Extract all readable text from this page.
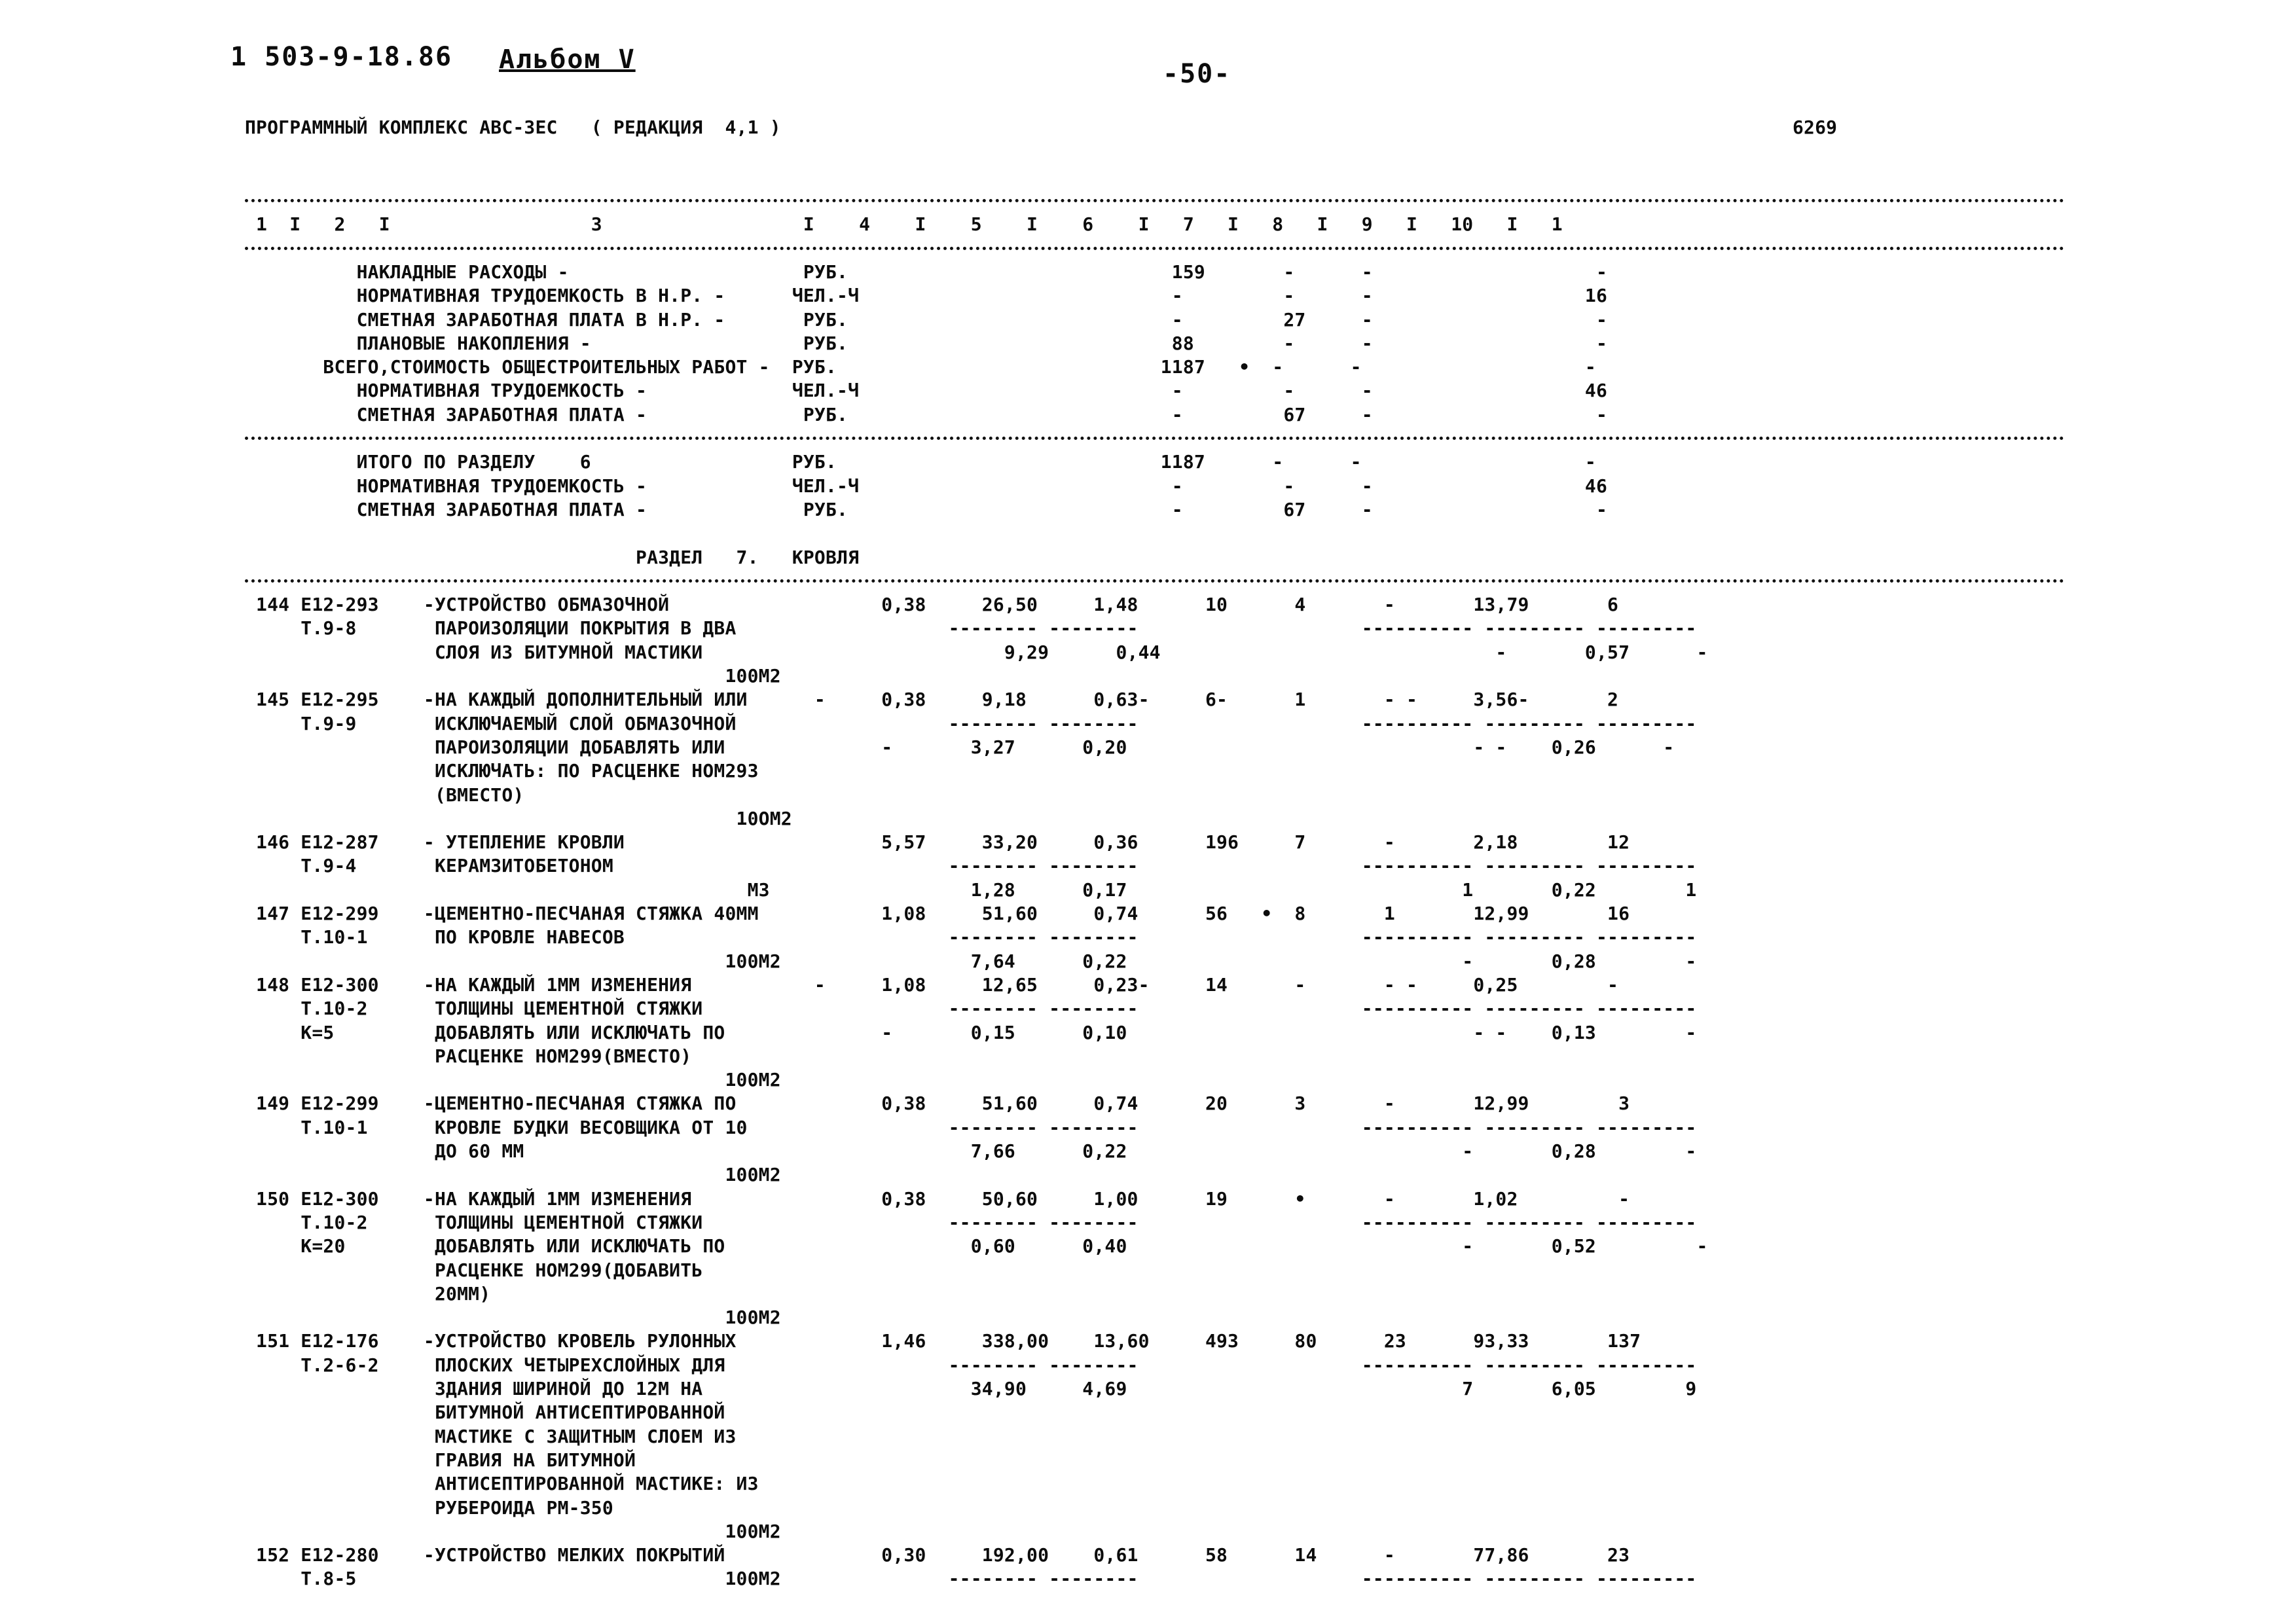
1 503-9-18.86 Альбом V	-50-
ПРОГРАММНЫЙ КОМПЛЕКС АВС-3ЕС   ( РЕДАКЦИЯ  4,1 )	6269
1  I   2   I                  3                  I    4    I    5    I    6    I   7   I   8   I   9   I   10   I   1
НАКЛАДНЫЕ РАСХОДЫ -                     РУБ.                             159       -      -                    -
НОРМАТИВНАЯ ТРУДОЕМКОСТЬ В Н.Р. -      ЧЕЛ.-Ч                            -         -      -                   16
СМЕТНАЯ ЗАРАБОТНАЯ ПЛАТА В Н.Р. -       РУБ.                             -         27     -                    -
ПЛАНОВЫЕ НАКОПЛЕНИЯ -                   РУБ.                             88        -      -                    -
ВСЕГО,СТОИМОСТЬ ОБЩЕСТРОИТЕЛЬНЫХ РАБОТ -  РУБ.                             1187   •  -      -                    -
НОРМАТИВНАЯ ТРУДОЕМКОСТЬ -             ЧЕЛ.-Ч                            -         -      -                   46
СМЕТНАЯ ЗАРАБОТНАЯ ПЛАТА -              РУБ.                             -         67     -                    -
ИТОГО ПО РАЗДЕЛУ    6                  РУБ.                             1187      -      -                    -
НОРМАТИВНАЯ ТРУДОЕМКОСТЬ -             ЧЕЛ.-Ч                            -         -      -                   46
СМЕТНАЯ ЗАРАБОТНАЯ ПЛАТА -              РУБ.                             -         67     -                    -
РАЗДЕЛ   7.   КРОВЛЯ
144 Е12-293    -УСТРОЙСТВО ОБМАЗОЧНОЙ                   0,38     26,50     1,48      10      4       -       13,79       6
Т.9-8       ПАРОИЗОЛЯЦИИ ПОКРЫТИЯ В ДВА                   -------- --------                    ---------- --------- ---------
СЛОЯ ИЗ БИТУМНОЙ МАСТИКИ                           9,29      0,44                              -       0,57      -
100М2
145 Е12-295    -НА КАЖДЫЙ ДОПОЛНИТЕЛЬНЫЙ ИЛИ      -     0,38     9,18      0,63-     6-      1       - -     3,56-       2
Т.9-9       ИСКЛЮЧАЕМЫЙ СЛОЙ ОБМАЗОЧНОЙ                   -------- --------                    ---------- --------- ---------
ПАРОИЗОЛЯЦИИ ДОБАВЛЯТЬ ИЛИ              -       3,27      0,20                               - -    0,26      -
ИСКЛЮЧАТЬ: ПО РАСЦЕНКЕ НОМ293
(ВМЕСТО)
10ОМ2
146 Е12-287    - УТЕПЛЕНИЕ КРОВЛИ                       5,57     33,20     0,36      196     7       -       2,18        12
Т.9-4       КЕРАМЗИТОБЕТОНОМ                              -------- --------                    ---------- --------- ---------
М3                  1,28      0,17                              1       0,22        1
147 Е12-299    -ЦЕМЕНТНО-ПЕСЧАНАЯ СТЯЖКА 40ММ           1,08     51,60     0,74      56   •  8       1       12,99       16
Т.10-1      ПО КРОВЛЕ НАВЕСОВ                             -------- --------                    ---------- --------- ---------
100М2                 7,64      0,22                              -       0,28        -
148 Е12-300    -НА КАЖДЫЙ 1ММ ИЗМЕНЕНИЯ           -     1,08     12,65     0,23-     14      -       - -     0,25        -
Т.10-2      ТОЛЩИНЫ ЦЕМЕНТНОЙ СТЯЖКИ                      -------- --------                    ---------- --------- ---------
К=5         ДОБАВЛЯТЬ ИЛИ ИСКЛЮЧАТЬ ПО              -       0,15      0,10                               - -    0,13        -
РАСЦЕНКЕ НОМ299(ВМЕСТО)
100М2
149 Е12-299    -ЦЕМЕНТНО-ПЕСЧАНАЯ СТЯЖКА ПО             0,38     51,60     0,74      20      3       -       12,99        3
Т.10-1      КРОВЛЕ БУДКИ ВЕСОВЩИКА ОТ 10                  -------- --------                    ---------- --------- ---------
ДО 60 ММ                                        7,66      0,22                              -       0,28        -
100М2
150 Е12-300    -НА КАЖДЫЙ 1ММ ИЗМЕНЕНИЯ                 0,38     50,60     1,00      19      •       -       1,02         -
Т.10-2      ТОЛЩИНЫ ЦЕМЕНТНОЙ СТЯЖКИ                      -------- --------                    ---------- --------- ---------
К=20        ДОБАВЛЯТЬ ИЛИ ИСКЛЮЧАТЬ ПО                      0,60      0,40                              -       0,52         -
РАСЦЕНКЕ НОМ299(ДОБАВИТЬ
20ММ)
100М2
151 Е12-176    -УСТРОЙСТВО КРОВЕЛЬ РУЛОННЫХ             1,46     338,00    13,60     493     80      23      93,33       137
Т.2-6-2     ПЛОСКИХ ЧЕТЫРЕХСЛОЙНЫХ ДЛЯ                    -------- --------                    ---------- --------- ---------
ЗДАНИЯ ШИРИНОЙ ДО 12М НА                        34,90     4,69                              7       6,05        9
БИТУМНОЙ АНТИСЕПТИРОВАННОЙ
МАСТИКЕ С ЗАЩИТНЫМ СЛОЕМ ИЗ
ГРАВИЯ НА БИТУМНОЙ
АНТИСЕПТИРОВАННОЙ МАСТИКЕ: ИЗ
РУБЕРОИДА РМ-350
100М2
152 Е12-280    -УСТРОЙСТВО МЕЛКИХ ПОКРЫТИЙ              0,30     192,00    0,61      58      14      -       77,86       23
Т.8-5                                 100М2               -------- --------                    ---------- --------- ---------
